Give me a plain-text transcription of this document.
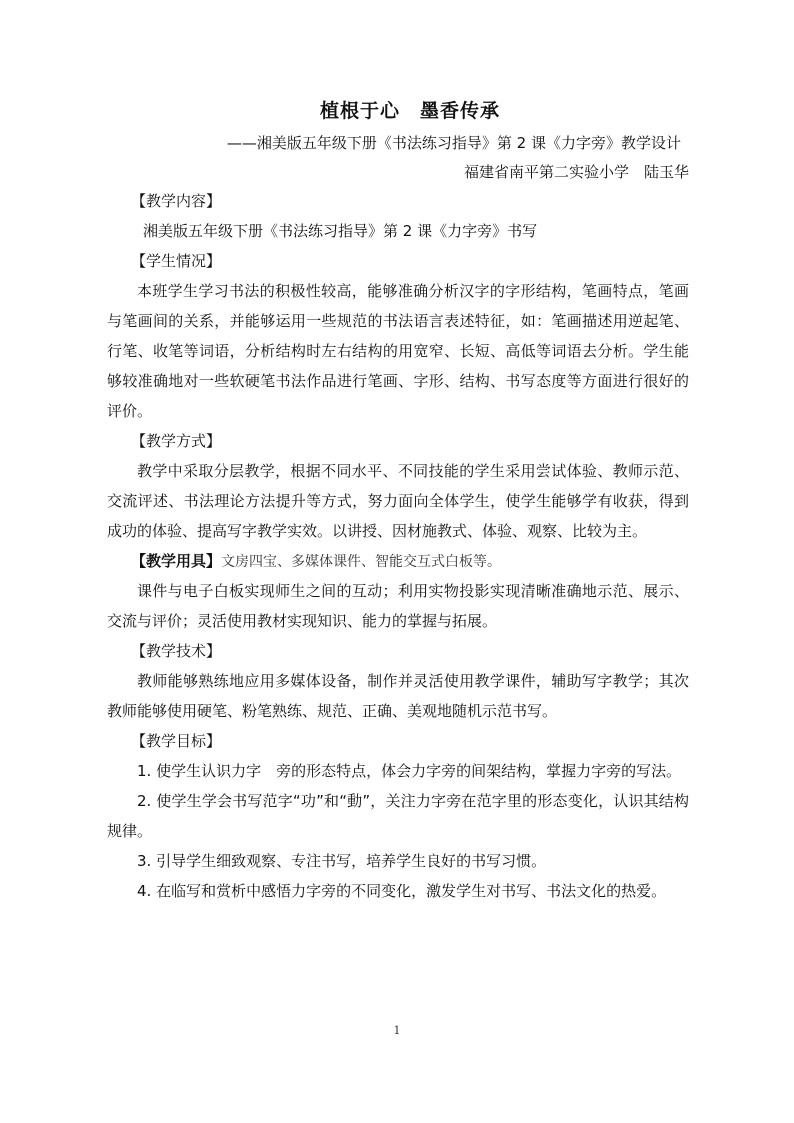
植根于心　墨香传承
——湘美版五年级下册《书法练习指导》第 2 课《力字旁》教学设计
福建省南平第二实验小学　陆玉华
【教学内容】
湘美版五年级下册《书法练习指导》第 2 课《力字旁》书写
【学生情况】

本班学生学习书法的积极性较高，能够准确分析汉字的字形结构，笔画特点，笔画与笔画间的关系，并能够运用一些规范的书法语言表述特征，如：笔画描述用逆起笔、行笔、收笔等词语，分析结构时左右结构的用宽窄、长短、高低等词语去分析。学生能够较准确地对一些软硬笔书法作品进行笔画、字形、结构、书写态度等方面进行很好的评价。

【教学方式】

教学中采取分层教学，根据不同水平、不同技能的学生采用尝试体验、教师示范、交流评述、书法理论方法提升等方式，努力面向全体学生，使学生能够学有收获，得到成功的体验、提高写字教学实效。以讲授、因材施教式、体验、观察、比较为主。

【教学用具】文房四宝、多媒体课件、智能交互式白板等。

课件与电子白板实现师生之间的互动；利用实物投影实现清晰准确地示范、展示、交流与评价；灵活使用教材实现知识、能力的掌握与拓展。

【教学技术】

教师能够熟练地应用多媒体设备，制作并灵活使用教学课件，辅助写字教学；其次教师能够使用硬笔、粉笔熟练、规范、正确、美观地随机示范书写。

【教学目标】

1. 使学生认识力字　旁的形态特点，体会力字旁的间架结构，掌握力字旁的写法。

2. 使学生学会书写范字“功”和“動”，关注力字旁在范字里的形态变化，认识其结构规律。

3. 引导学生细致观察、专注书写，培养学生良好的书写习惯。

4. 在临写和赏析中感悟力字旁的不同变化，激发学生对书写、书法文化的热爱。

1
